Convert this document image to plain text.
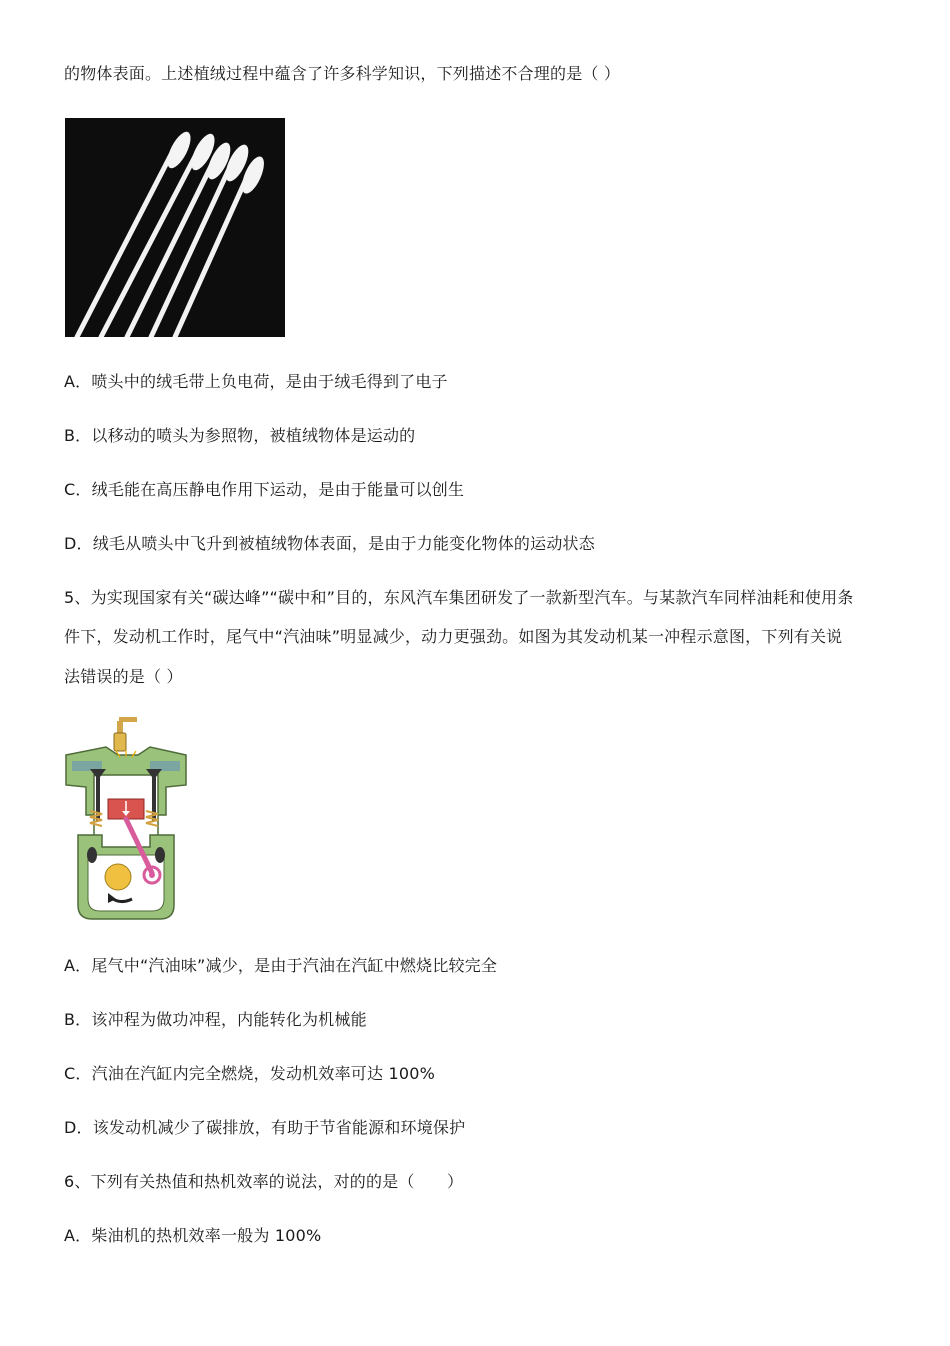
的物体表面。上述植绒过程中蕴含了许多科学知识，下列描述不合理的是（ ）
A．喷头中的绒毛带上负电荷，是由于绒毛得到了电子
B．以移动的喷头为参照物，被植绒物体是运动的
C．绒毛能在高压静电作用下运动，是由于能量可以创生
D．绒毛从喷头中飞升到被植绒物体表面，是由于力能变化物体的运动状态
5、为实现国家有关“碳达峰”“碳中和”目的，东风汽车集团研发了一款新型汽车。与某款汽车同样油耗和使用条
件下，发动机工作时，尾气中“汽油味”明显减少，动力更强劲。如图为其发动机某一冲程示意图，下列有关说
法错误的是（ ）
A．尾气中“汽油味”减少，是由于汽油在汽缸中燃烧比较完全
B．该冲程为做功冲程，内能转化为机械能
C．汽油在汽缸内完全燃烧，发动机效率可达 100%
D．该发动机减少了碳排放，有助于节省能源和环境保护
6、下列有关热值和热机效率的说法，对的的是（　　）
A．柴油机的热机效率一般为 100%
